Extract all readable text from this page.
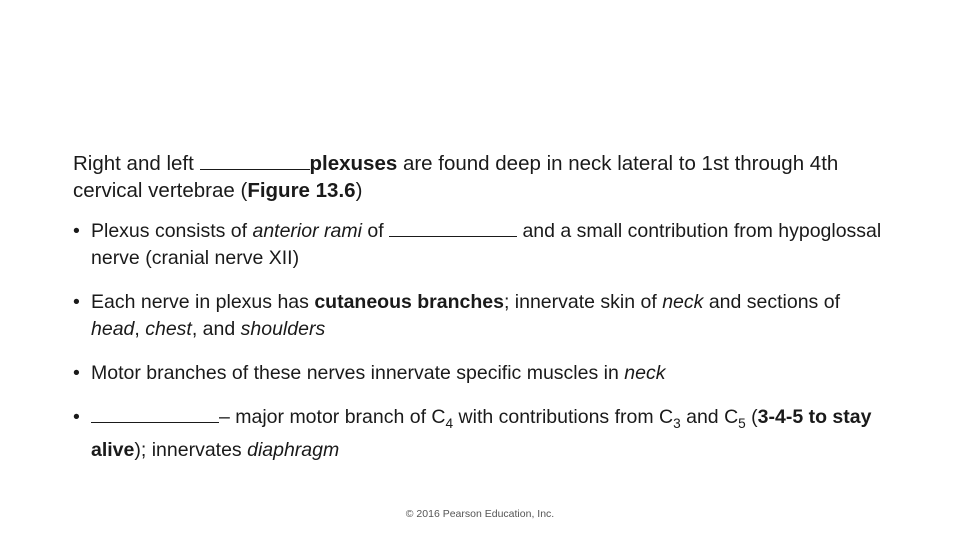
Right and left	plexuses are found deep in neck lateral to 1st through 4th cervical vertebrae (Figure 13.6)

• Plexus consists of anterior rami of	and a small contribution from hypoglossal nerve (cranial nerve XII)
• Each nerve in plexus has cutaneous branches; innervate skin of neck and sections of head, chest, and shoulders
• Motor branches of these nerves innervate specific muscles in neck
•	– major motor branch of $C_4$ with contributions from $C_3$ and $C_5$ (3-4-5 to stay alive); innervates diaphragm
© 2016 Pearson Education, Inc.
